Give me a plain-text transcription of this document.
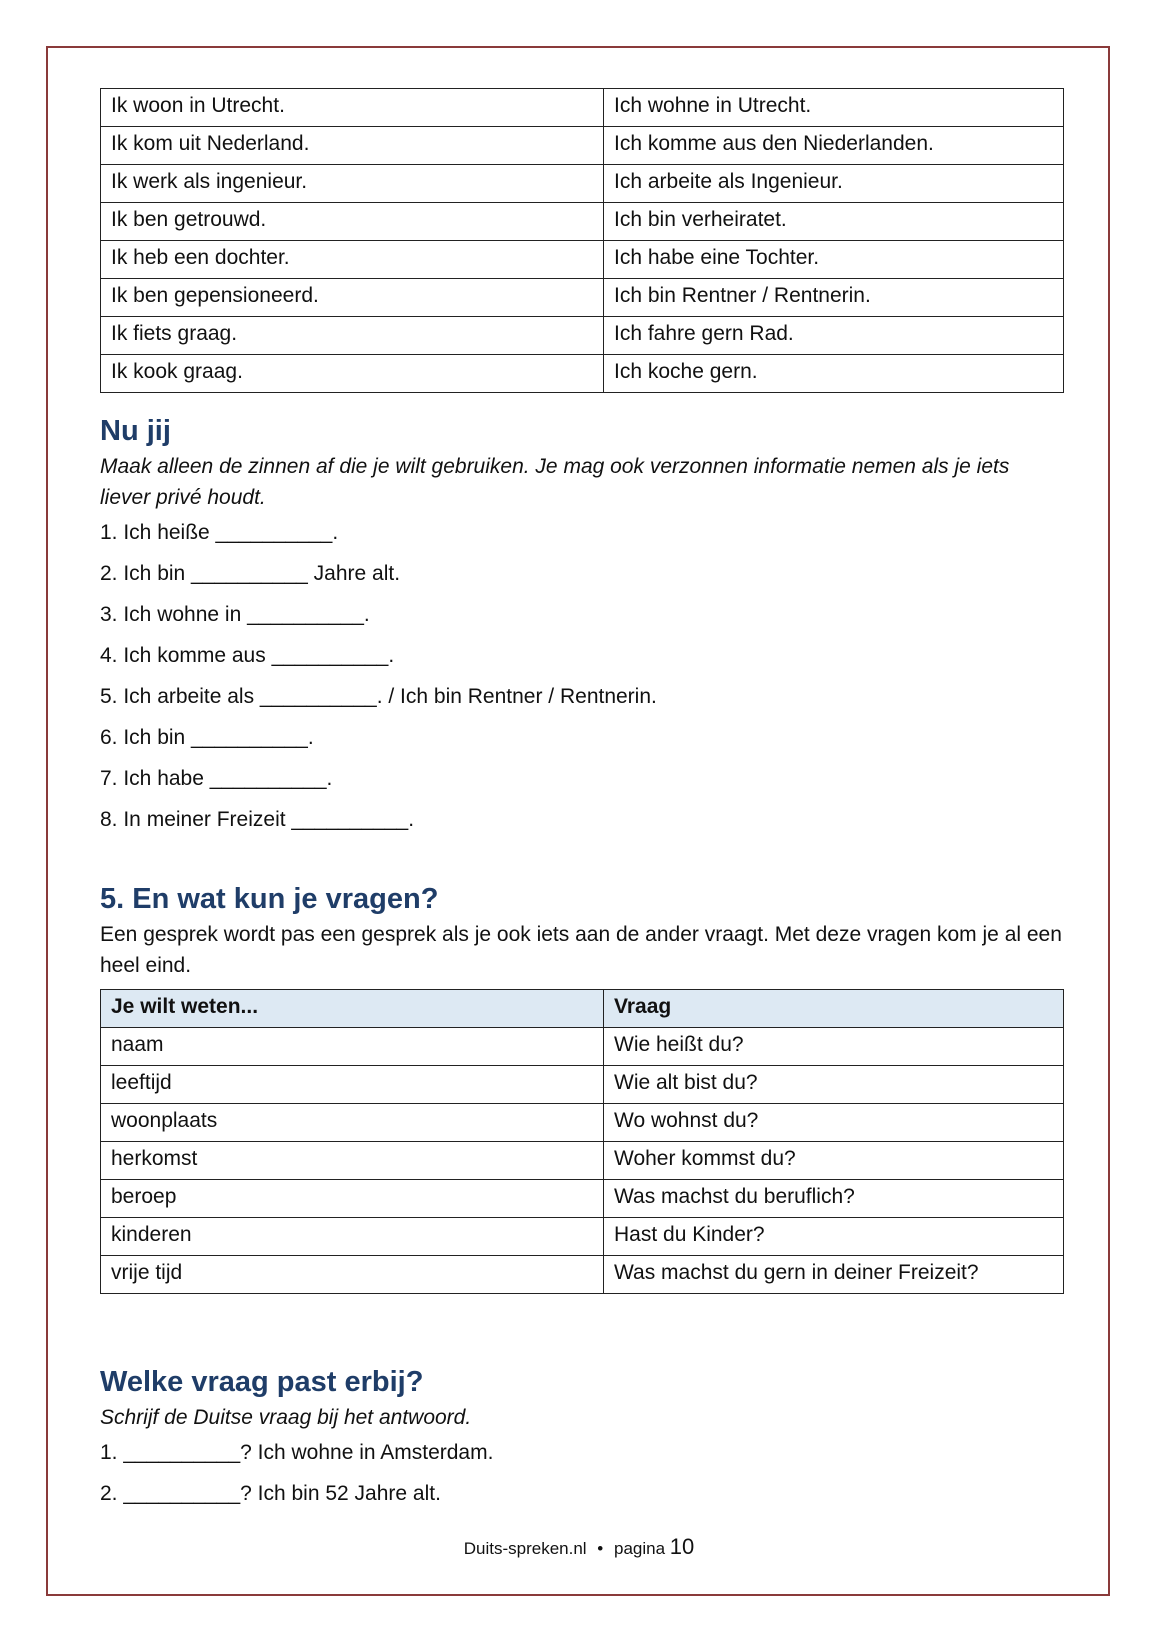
Ik woon in Utrecht.	Ich wohne in Utrecht.
Ik kom uit Nederland.	Ich komme aus den Niederlanden.
Ik werk als ingenieur.	Ich arbeite als Ingenieur.
Ik ben getrouwd.	Ich bin verheiratet.
Ik heb een dochter.	Ich habe eine Tochter.
Ik ben gepensioneerd.	Ich bin Rentner / Rentnerin.
Ik fiets graag.	Ich fahre gern Rad.
Ik kook graag.	Ich koche gern.
Nu jij

Maak alleen de zinnen af die je wilt gebruiken. Je mag ook verzonnen informatie nemen als je iets liever privé houdt.

1. Ich heiße __________.
2. Ich bin __________ Jahre alt.
3. Ich wohne in __________.
4. Ich komme aus __________.
5. Ich arbeite als __________. / Ich bin Rentner / Rentnerin.
6. Ich bin __________.
7. Ich habe __________.
8. In meiner Freizeit __________.
5. En wat kun je vragen?

Een gesprek wordt pas een gesprek als je ook iets aan de ander vraagt. Met deze vragen kom je al een heel eind.

Je wilt weten...	Vraag
naam	Wie heißt du?
leeftijd	Wie alt bist du?
woonplaats	Wo wohnst du?
herkomst	Woher kommst du?
beroep	Was machst du beruflich?
kinderen	Hast du Kinder?
vrije tijd	Was machst du gern in deiner Freizeit?
Welke vraag past erbij?

Schrijf de Duitse vraag bij het antwoord.

1. __________? Ich wohne in Amsterdam.
2. __________? Ich bin 52 Jahre alt.
Duits-spreken.nl • pagina 10
